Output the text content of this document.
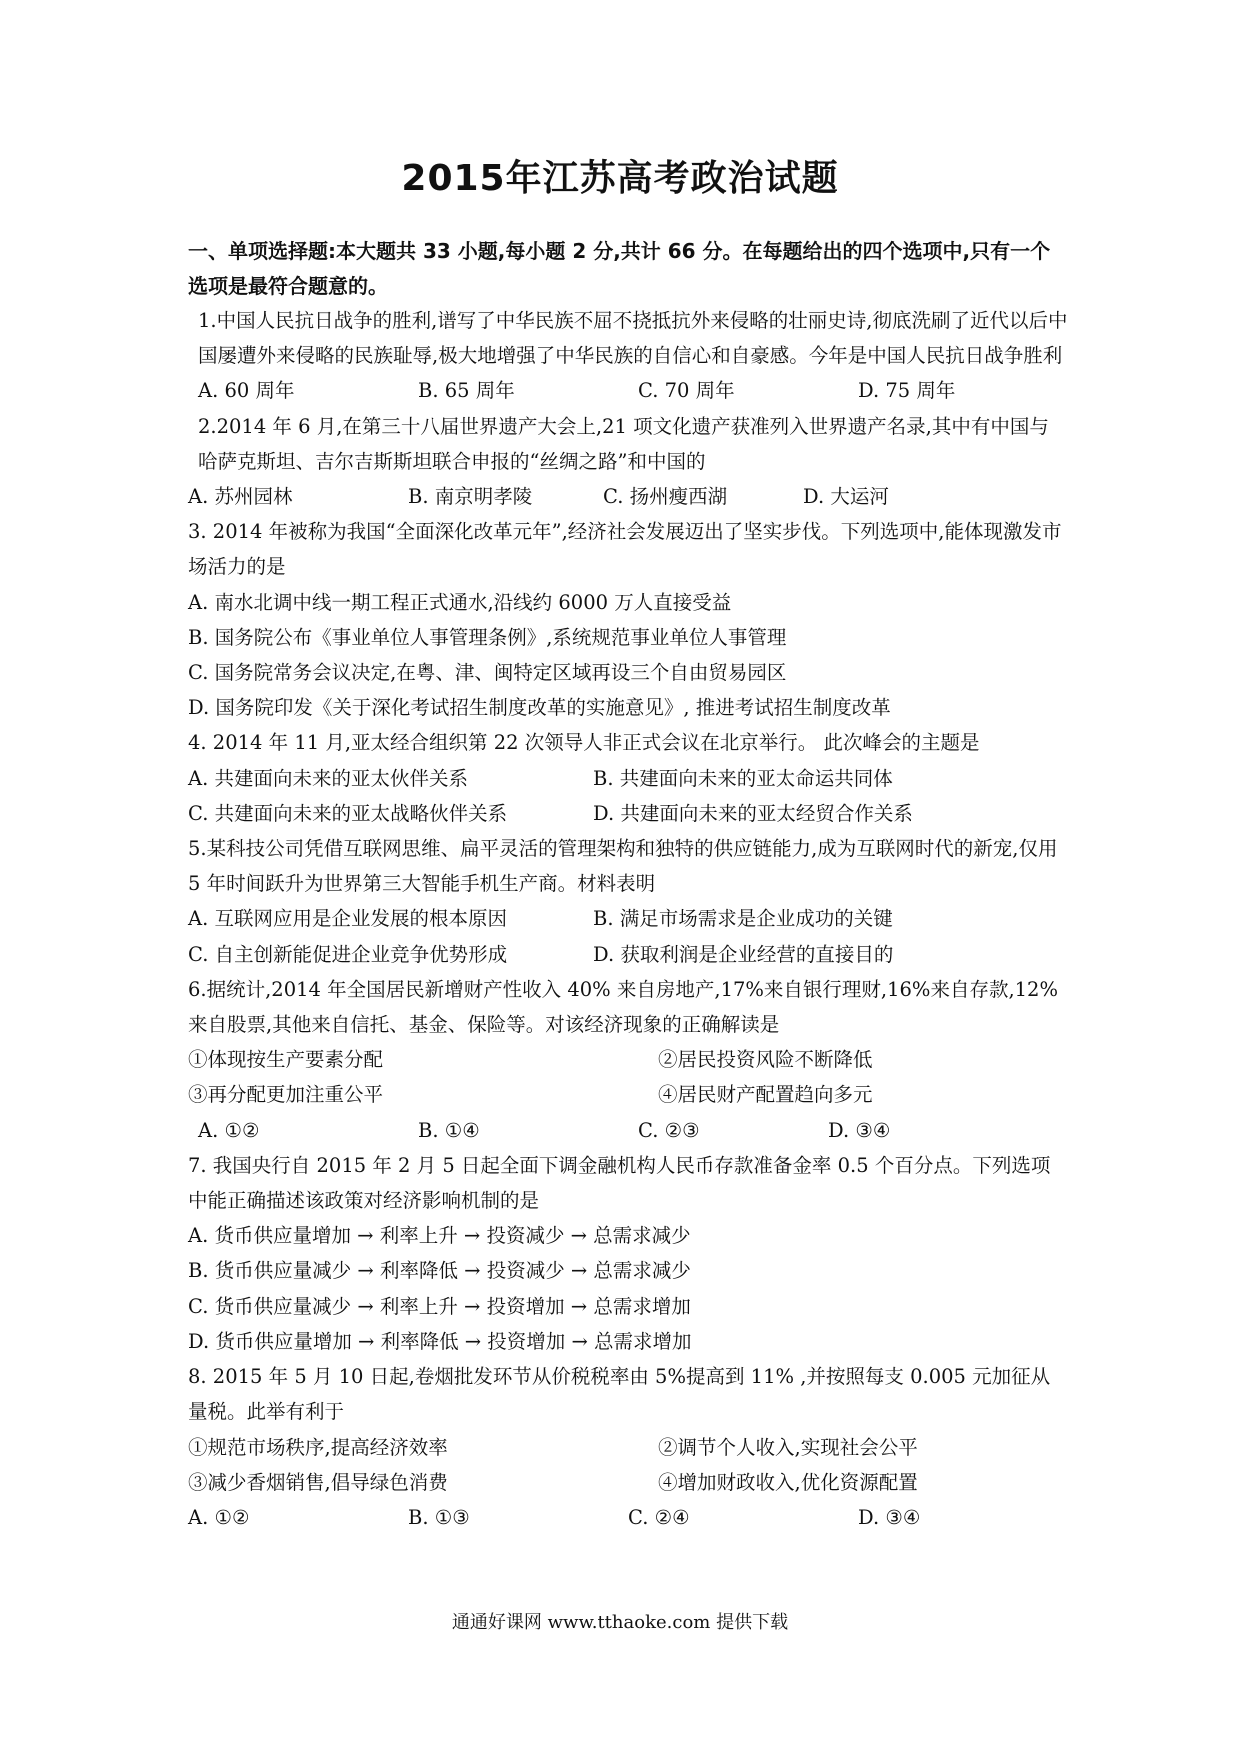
2015年江苏高考政治试题
一、单项选择题:本大题共 33 小题,每小题 2 分,共计 66 分。在每题给出的四个选项中,只有一个选项是最符合题意的。
1.中国人民抗日战争的胜利,谱写了中华民族不屈不挠抵抗外来侵略的壮丽史诗,彻底洗刷了近代以后中国屡遭外来侵略的民族耻辱,极大地增强了中华民族的自信心和自豪感。今年是中国人民抗日战争胜利
A. 60 周年	B. 65 周年	C. 70 周年	D. 75 周年
2.2014 年 6 月,在第三十八届世界遗产大会上,21 项文化遗产获准列入世界遗产名录,其中有中国与哈萨克斯坦、吉尔吉斯斯坦联合申报的“丝绸之路”和中国的
A. 苏州园林	B. 南京明孝陵	C. 扬州瘦西湖	D. 大运河
3. 2014 年被称为我国“全面深化改革元年”,经济社会发展迈出了坚实步伐。下列选项中,能体现激发市场活力的是
A. 南水北调中线一期工程正式通水,沿线约 6000 万人直接受益
B. 国务院公布《事业单位人事管理条例》,系统规范事业单位人事管理
C. 国务院常务会议决定,在粤、津、闽特定区域再设三个自由贸易园区
D. 国务院印发《关于深化考试招生制度改革的实施意见》, 推进考试招生制度改革
4. 2014 年 11 月,亚太经合组织第 22 次领导人非正式会议在北京举行。 此次峰会的主题是
A. 共建面向未来的亚太伙伴关系	B. 共建面向未来的亚太命运共同体
C. 共建面向未来的亚太战略伙伴关系	D. 共建面向未来的亚太经贸合作关系
5.某科技公司凭借互联网思维、扁平灵活的管理架构和独特的供应链能力,成为互联网时代的新宠,仅用 5 年时间跃升为世界第三大智能手机生产商。材料表明
A. 互联网应用是企业发展的根本原因	B. 满足市场需求是企业成功的关键
C. 自主创新能促进企业竞争优势形成	D. 获取利润是企业经营的直接目的
6.据统计,2014 年全国居民新增财产性收入 40% 来自房地产,17%来自银行理财,16%来自存款,12%来自股票,其他来自信托、基金、保险等。对该经济现象的正确解读是
①体现按生产要素分配	②居民投资风险不断降低
③再分配更加注重公平	④居民财产配置趋向多元
A. ①②	B. ①④	C. ②③	D. ③④
7. 我国央行自 2015 年 2 月 5 日起全面下调金融机构人民币存款准备金率 0.5 个百分点。下列选项中能正确描述该政策对经济影响机制的是
A. 货币供应量增加 → 利率上升 → 投资减少 → 总需求减少
B. 货币供应量减少 → 利率降低 → 投资减少 → 总需求减少
C. 货币供应量减少 → 利率上升 → 投资增加 → 总需求增加
D. 货币供应量增加 → 利率降低 → 投资增加 → 总需求增加
8. 2015 年 5 月 10 日起,卷烟批发环节从价税税率由 5%提高到 11% ,并按照每支 0.005 元加征从量税。此举有利于
①规范市场秩序,提高经济效率	②调节个人收入,实现社会公平
③减少香烟销售,倡导绿色消费	④增加财政收入,优化资源配置
A. ①②	B. ①③	C. ②④	D. ③④
通通好课网 www.tthaoke.com 提供下载
